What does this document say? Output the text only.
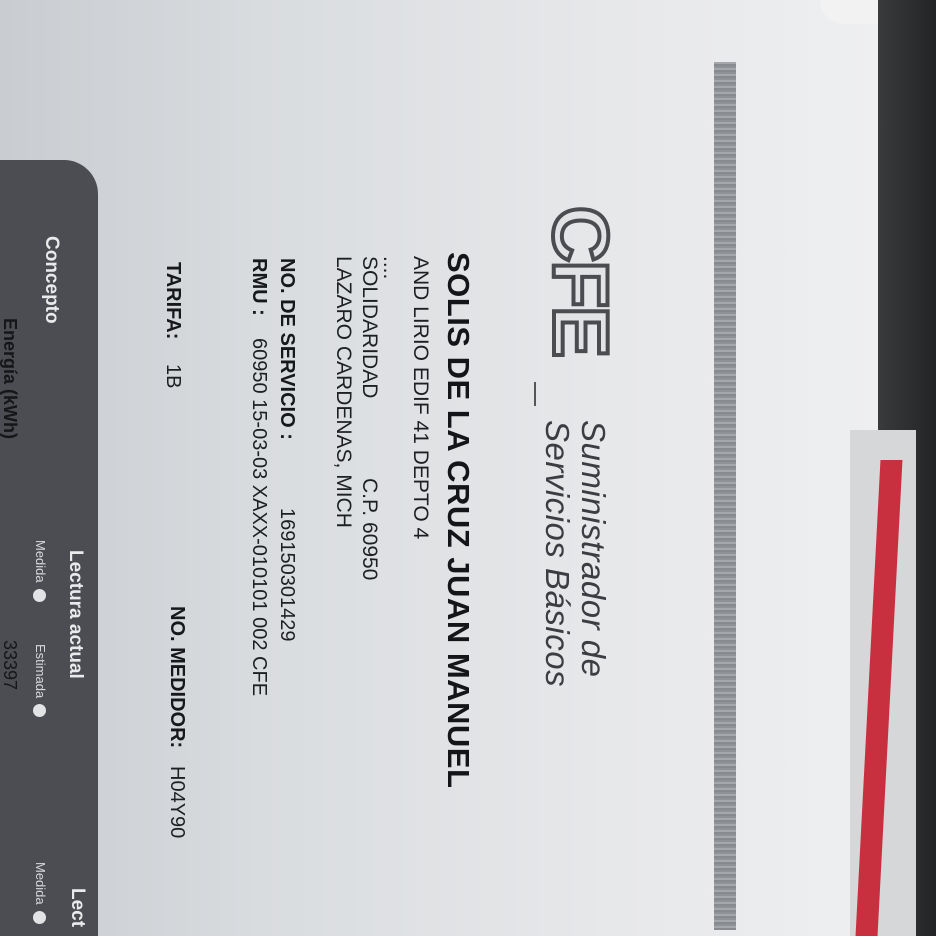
CFE
Suministrador de
Servicios Básicos
SOLIS DE LA CRUZ JUAN MANUEL
AND LIRIO EDIF 41 DEPTO 4
....
SOLIDARIDAD
C.P. 60950
LAZARO CARDENAS, MICH
NO. DE SERVICIO :
169150301429
RMU :
60950 15-03-03 XAXX-010101 002 CFE
TARIFA:
1B
NO. MEDIDOR:
H04Y90
Concepto
Lectura actual
Medida
Estimada
Lect
Medida
Energía (kWh)
33397
